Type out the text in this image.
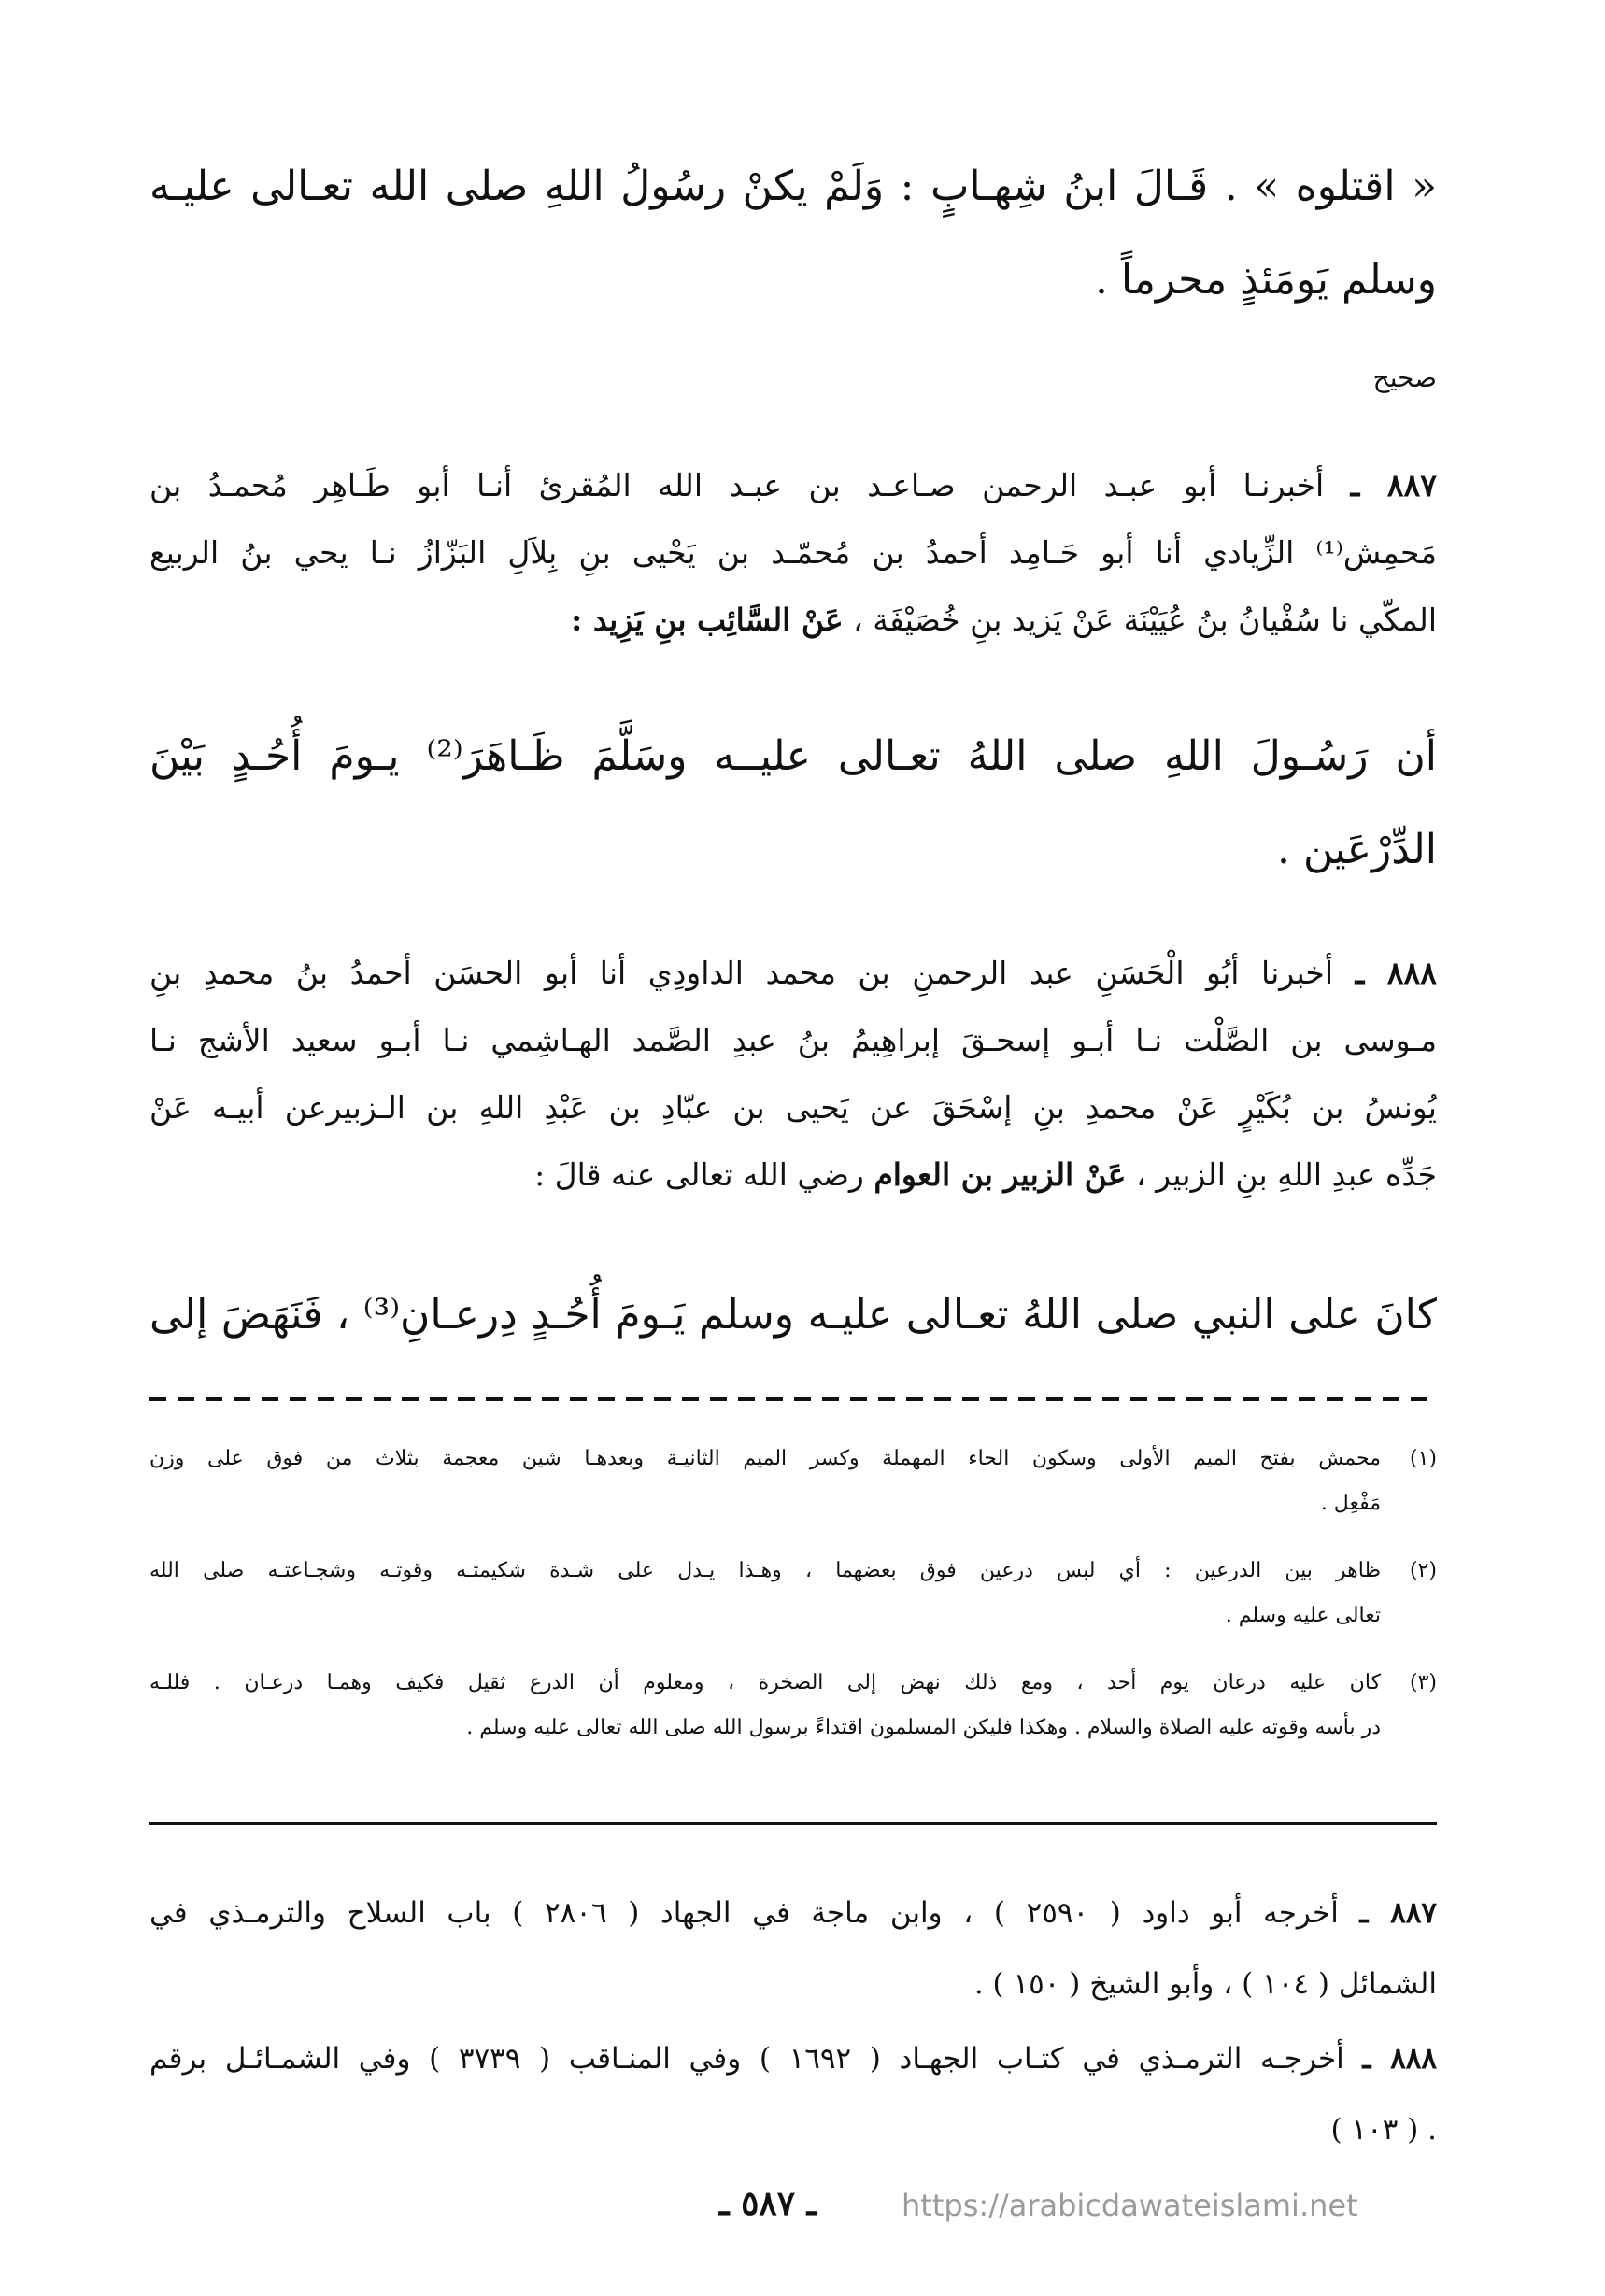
« اقتلوه » . قَـالَ ابنُ شِهـابٍ : وَلَمْ يكنْ رسُولُ اللهِ صلى الله تعـالى عليـه
وسلم يَومَئذٍ محرماً .
صحيح
٨٨٧ ـ أخبرنـا أبو عبـد الرحمن صـاعـد بن عبـد الله المُقرئ أنـا أبو طَـاهِر مُحمـدُ بن
مَحمِش⁽¹⁾ الزِّيادي أنا أبو حَـامِد أحمدُ بن مُحمّـد بن يَحْيى بنِ بِلاَلِ البَزّازُ نـا يحي بنُ الربيع
المكّي نا سُفْيانُ بنُ عُيَيْنَة عَنْ يَزيد بنِ خُصَيْفَة ، عَنْ السَّائِب بنِ يَزِيد :
أن رَسُـولَ اللهِ صلى اللهُ تعـالى عليــه وسَلَّمَ ظَـاهَرَ⁽²⁾ يـومَ أُحُـدٍ بَيْنَ
الدِّرْعَين .
٨٨٨ ـ أخبرنا أبُو الْحَسَنِ عبد الرحمنِ بن محمد الداودِي أنا أبو الحسَن أحمدُ بنُ محمدِ بنِ
مـوسى بن الصَّلْت نـا أبـو إسحـقَ إبراهِيمُ بنُ عبدِ الصَّمد الهـاشِمي نـا أبـو سعيد الأشج نـا
يُونسُ بن بُكَيْرٍ عَنْ محمدِ بنِ إسْحَقَ عن يَحيى بن عبّادِ بن عَبْدِ اللهِ بن الـزبيرعن أبيـه عَنْ
جَدِّه عبدِ اللهِ بنِ الزبير ، عَنْ الزبير بن العوام رضي الله تعالى عنه قالَ :
كانَ على النبي صلى اللهُ تعـالى عليـه وسلم يَـومَ أُحُـدٍ دِرعـانِ⁽³⁾ ، فَنَهَضَ إلى
(١)
محمش بفتح الميم الأولى وسكون الحاء المهملة وكسر الميم الثانيـة وبعدهـا شين معجمة بثلاث من فوق على وزن
مَفْعِل .
(٢)
ظاهر بين الدرعين : أي لبس درعين فوق بعضهما ، وهـذا يـدل على شـدة شكيمتـه وقوتـه وشجـاعتـه صلى الله
تعالى عليه وسلم .
(٣)
كان عليه درعان يوم أحد ، ومع ذلك نهض إلى الصخرة ، ومعلوم أن الدرع ثقيل فكيف وهمـا درعـان . فللـه
در بأسه وقوته عليه الصلاة والسلام . وهكذا فليكن المسلمون اقتداءً برسول الله صلى الله تعالى عليه وسلم .
٨٨٧ ـ أخرجه أبو داود ( ٢٥٩٠ ) ، وابن ماجة في الجهاد ( ٢٨٠٦ ) باب السلاح والترمـذي في
الشمائل ( ١٠٤ ) ، وأبو الشيخ ( ١٥٠ ) .
٨٨٨ ـ أخرجـه الترمـذي في كتـاب الجهـاد ( ١٦٩٢ ) وفي المنـاقب ( ٣٧٣٩ ) وفي الشمـائـل برقم
. ( ١٠٣ )
ـ ٥٨٧ ـ	https://arabicdawateislami.net
